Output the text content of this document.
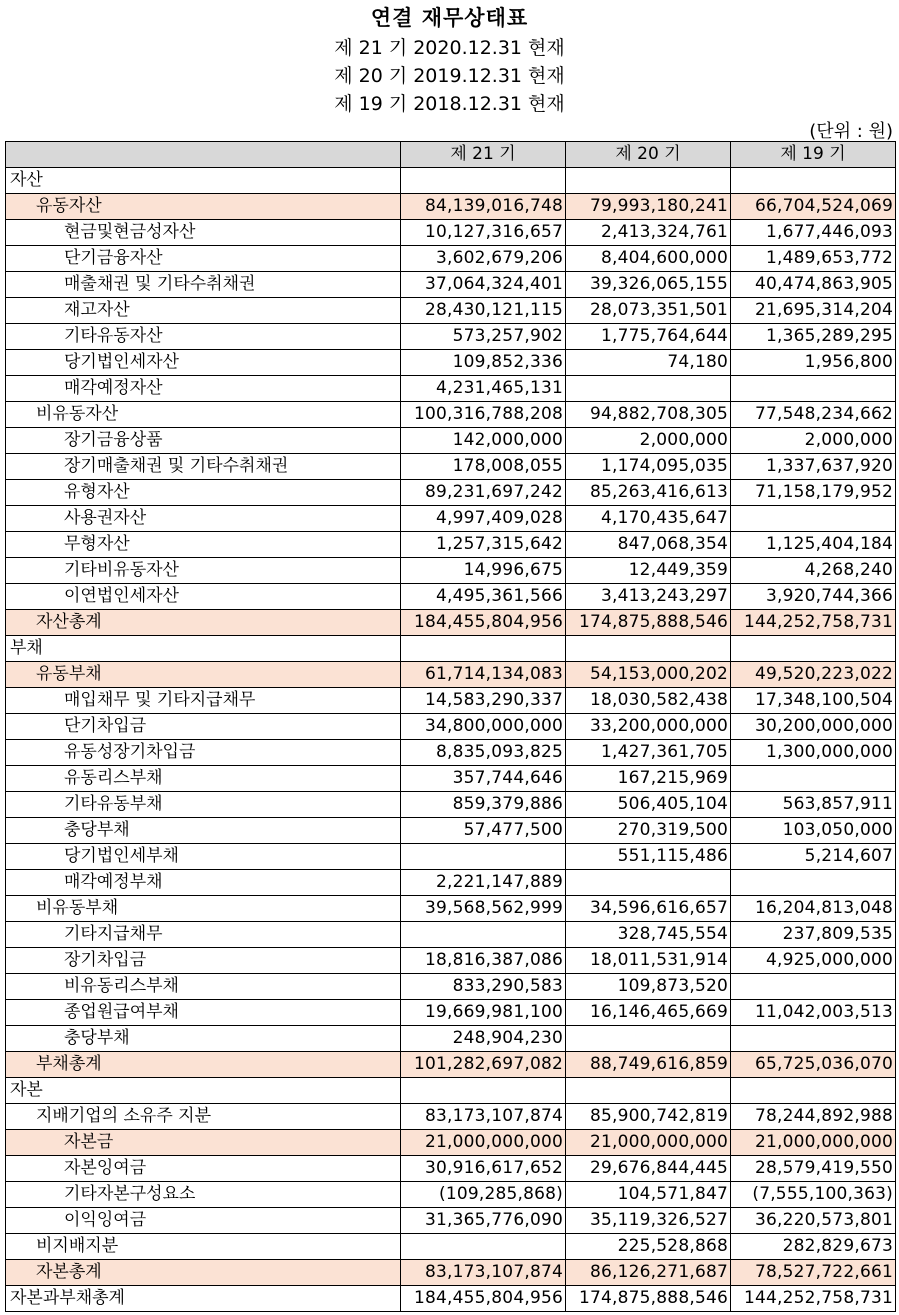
연결 재무상태표
제 21 기 2020.12.31 현재
제 20 기 2019.12.31 현재
제 19 기 2018.12.31 현재
(단위 : 원)
	제 21 기	제 20 기	제 19 기
자산			
유동자산	84,139,016,748	79,993,180,241	66,704,524,069
현금및현금성자산	10,127,316,657	2,413,324,761	1,677,446,093
단기금융자산	3,602,679,206	8,404,600,000	1,489,653,772
매출채권 및 기타수취채권	37,064,324,401	39,326,065,155	40,474,863,905
재고자산	28,430,121,115	28,073,351,501	21,695,314,204
기타유동자산	573,257,902	1,775,764,644	1,365,289,295
당기법인세자산	109,852,336	74,180	1,956,800
매각예정자산	4,231,465,131		
비유동자산	100,316,788,208	94,882,708,305	77,548,234,662
장기금융상품	142,000,000	2,000,000	2,000,000
장기매출채권 및 기타수취채권	178,008,055	1,174,095,035	1,337,637,920
유형자산	89,231,697,242	85,263,416,613	71,158,179,952
사용권자산	4,997,409,028	4,170,435,647	
무형자산	1,257,315,642	847,068,354	1,125,404,184
기타비유동자산	14,996,675	12,449,359	4,268,240
이연법인세자산	4,495,361,566	3,413,243,297	3,920,744,366
자산총계	184,455,804,956	174,875,888,546	144,252,758,731
부채			
유동부채	61,714,134,083	54,153,000,202	49,520,223,022
매입채무 및 기타지급채무	14,583,290,337	18,030,582,438	17,348,100,504
단기차입금	34,800,000,000	33,200,000,000	30,200,000,000
유동성장기차입금	8,835,093,825	1,427,361,705	1,300,000,000
유동리스부채	357,744,646	167,215,969	
기타유동부채	859,379,886	506,405,104	563,857,911
충당부채	57,477,500	270,319,500	103,050,000
당기법인세부채		551,115,486	5,214,607
매각예정부채	2,221,147,889		
비유동부채	39,568,562,999	34,596,616,657	16,204,813,048
기타지급채무		328,745,554	237,809,535
장기차입금	18,816,387,086	18,011,531,914	4,925,000,000
비유동리스부채	833,290,583	109,873,520	
종업원급여부채	19,669,981,100	16,146,465,669	11,042,003,513
충당부채	248,904,230		
부채총계	101,282,697,082	88,749,616,859	65,725,036,070
자본			
지배기업의 소유주 지분	83,173,107,874	85,900,742,819	78,244,892,988
자본금	21,000,000,000	21,000,000,000	21,000,000,000
자본잉여금	30,916,617,652	29,676,844,445	28,579,419,550
기타자본구성요소	(109,285,868)	104,571,847	(7,555,100,363)
이익잉여금	31,365,776,090	35,119,326,527	36,220,573,801
비지배지분		225,528,868	282,829,673
자본총계	83,173,107,874	86,126,271,687	78,527,722,661
자본과부채총계	184,455,804,956	174,875,888,546	144,252,758,731
